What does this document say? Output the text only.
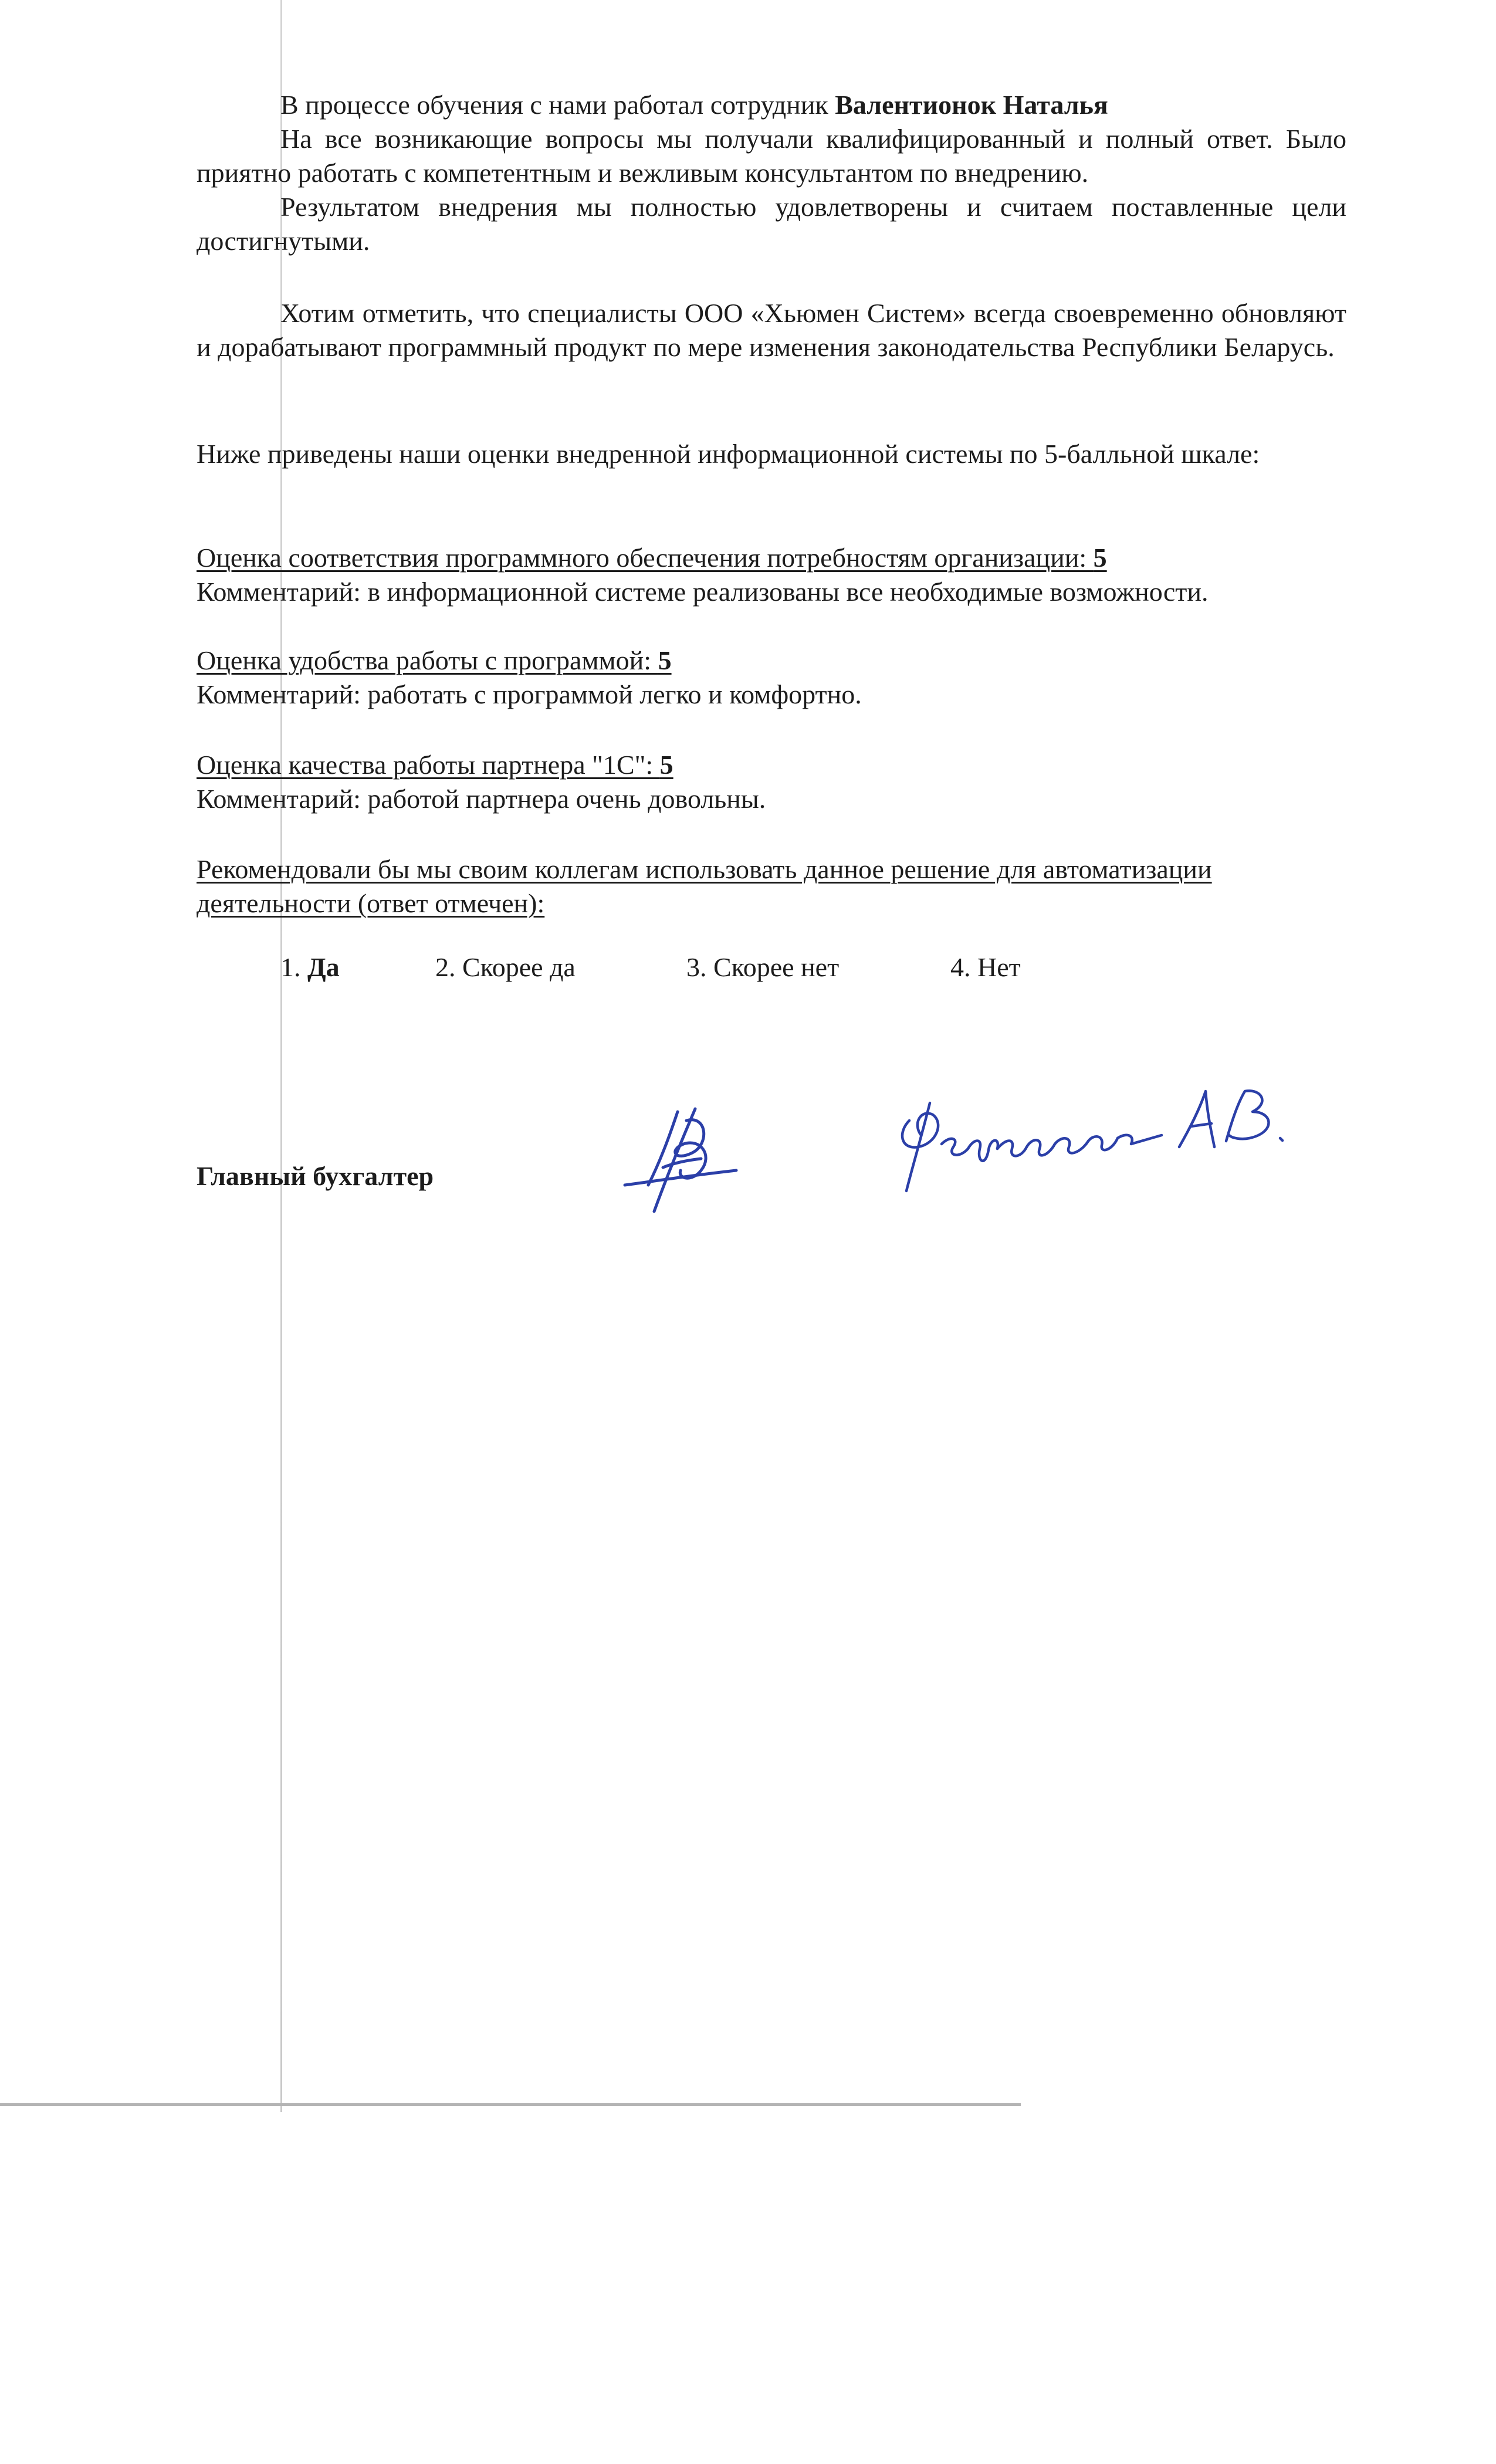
В процессе обучения с нами работал сотрудник Валентионок Наталья

На все возникающие вопросы мы получали квалифицированный и полный ответ. Было приятно работать с компетентным и вежливым консультантом по внедрению.

Результатом внедрения мы полностью удовлетворены и считаем поставленные цели достигнутыми.

Хотим отметить, что специалисты ООО «Хьюмен Систем» всегда своевременно обновляют и дорабатывают программный продукт по мере изменения законодательства Республики Беларусь.

Ниже приведены наши оценки внедренной информационной системы по 5-балльной шкале:

Оценка соответствия программного обеспечения потребностям организации: 5

Комментарий: в информационной системе реализованы все необходимые возможности.

Оценка удобства работы с программой: 5

Комментарий: работать с программой легко и комфортно.

Оценка качества работы партнера "1С": 5

Комментарий: работой партнера очень довольны.

Рекомендовали бы мы своим коллегам использовать данное решение для автоматизации деятельности (ответ отмечен):

1. Да	2. Скорее да	3. Скорее нет	4. Нет
Главный бухгалтер
